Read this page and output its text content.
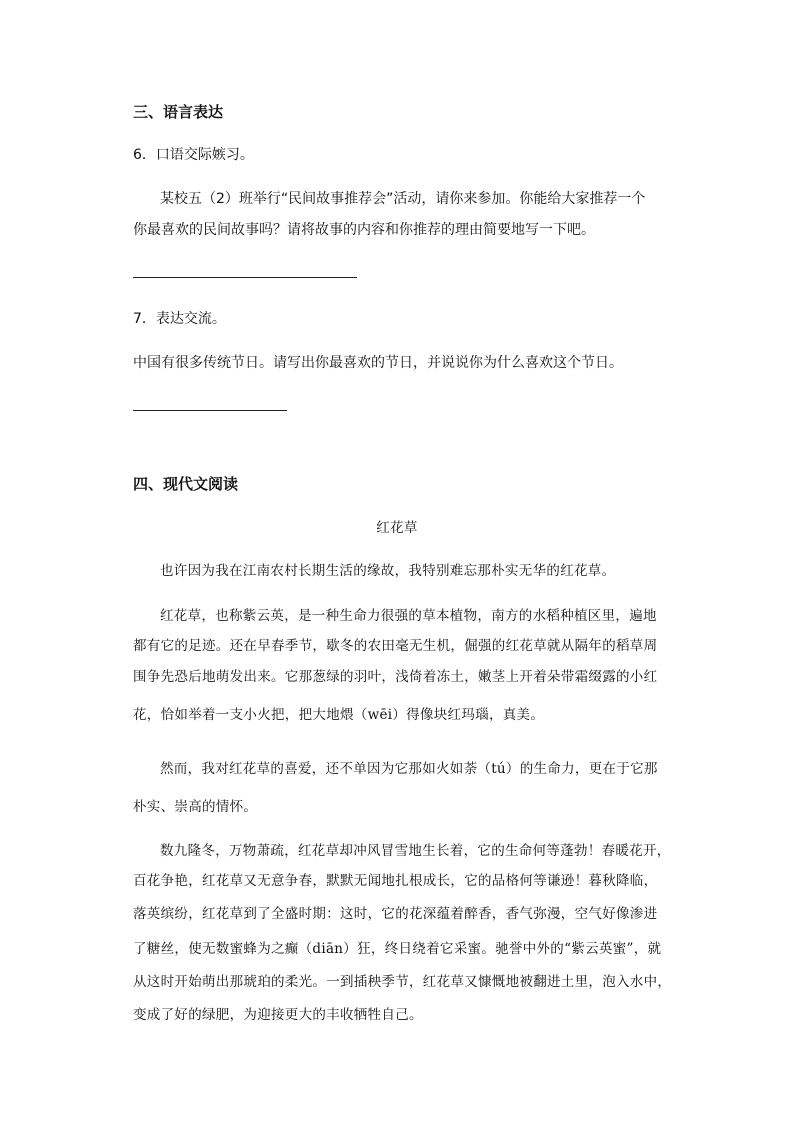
三、语言表达
6．口语交际嫉习。
某校五（2）班举行“民间故事推荐会”活动，请你来参加。你能给大家推荐一个
你最喜欢的民间故事吗？请将故事的内容和你推荐的理由简要地写一下吧。
7．表达交流。
中国有很多传统节日。请写出你最喜欢的节日，并说说你为什么喜欢这个节日。
四、现代文阅读
红花草
也许因为我在江南农村长期生活的缘故，我特别难忘那朴实无华的红花草。
红花草，也称紫云英，是一种生命力很强的草本植物，南方的水稻种植区里，遍地
都有它的足迹。还在早春季节，歇冬的农田毫无生机，倔强的红花草就从隔年的稻草周
围争先恐后地萌发出来。它那葱绿的羽叶，浅倚着冻土，嫩茎上开着朵带霜缀露的小红
花，恰如举着一支小火把，把大地煨（wēi）得像块红玛瑙，真美。
然而，我对红花草的喜爱，还不单因为它那如火如荼（tú）的生命力，更在于它那
朴实、崇高的情怀。
数九隆冬，万物萧疏，红花草却冲风冒雪地生长着，它的生命何等蓬勃！春暖花开，
百花争艳，红花草又无意争春，默默无闻地扎根成长，它的品格何等谦逊！暮秋降临，
落英缤纷，红花草到了全盛时期：这时，它的花深蕴着醉香，香气弥漫，空气好像渗进
了糖丝，使无数蜜蜂为之癫（diān）狂，终日绕着它采蜜。驰誉中外的“紫云英蜜”，就
从这时开始萌出那琥珀的柔光。一到插秧季节，红花草又慷慨地被翻进土里，泡入水中，
变成了好的绿肥，为迎接更大的丰收牺牲自己。
